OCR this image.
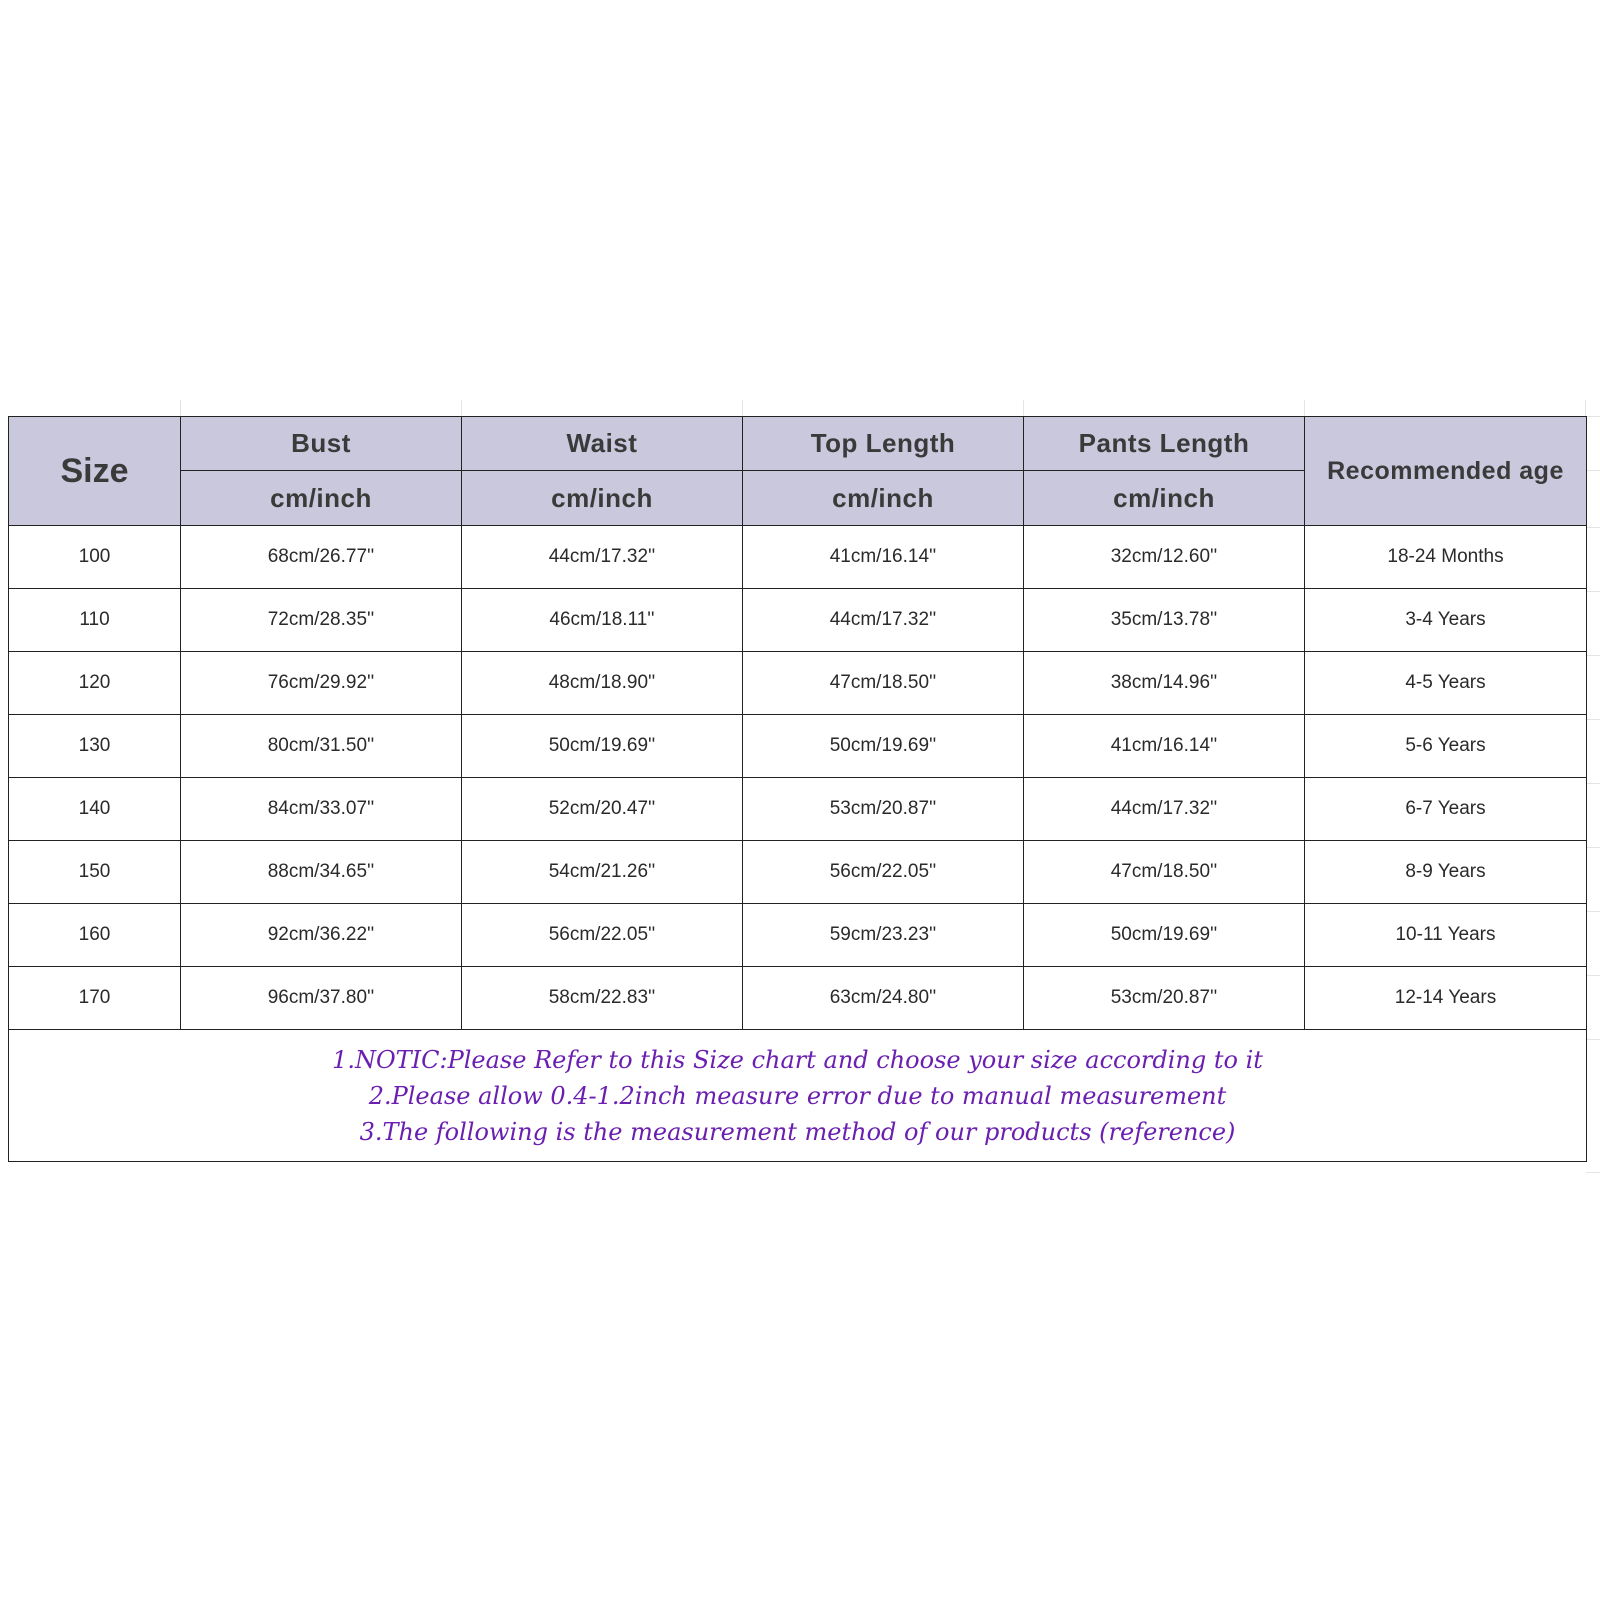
Size	Bust	Waist	Top Length	Pants Length	Recommended age
	cm/inch	cm/inch	cm/inch	cm/inch	
100	68cm/26.77''	44cm/17.32''	41cm/16.14''	32cm/12.60''	18-24 Months
110	72cm/28.35''	46cm/18.11''	44cm/17.32''	35cm/13.78''	3-4 Years
120	76cm/29.92''	48cm/18.90''	47cm/18.50''	38cm/14.96''	4-5 Years
130	80cm/31.50''	50cm/19.69''	50cm/19.69''	41cm/16.14''	5-6 Years
140	84cm/33.07''	52cm/20.47''	53cm/20.87''	44cm/17.32''	6-7 Years
150	88cm/34.65''	54cm/21.26''	56cm/22.05''	47cm/18.50''	8-9 Years
160	92cm/36.22''	56cm/22.05''	59cm/23.23''	50cm/19.69''	10-11 Years
170	96cm/37.80''	58cm/22.83''	63cm/24.80''	53cm/20.87''	12-14 Years

1.NOTIC:Please Refer to this Size chart and choose your size according to it
2.Please allow 0.4-1.2inch measure error due to manual measurement
3.The following is the measurement method of our products (reference)					
